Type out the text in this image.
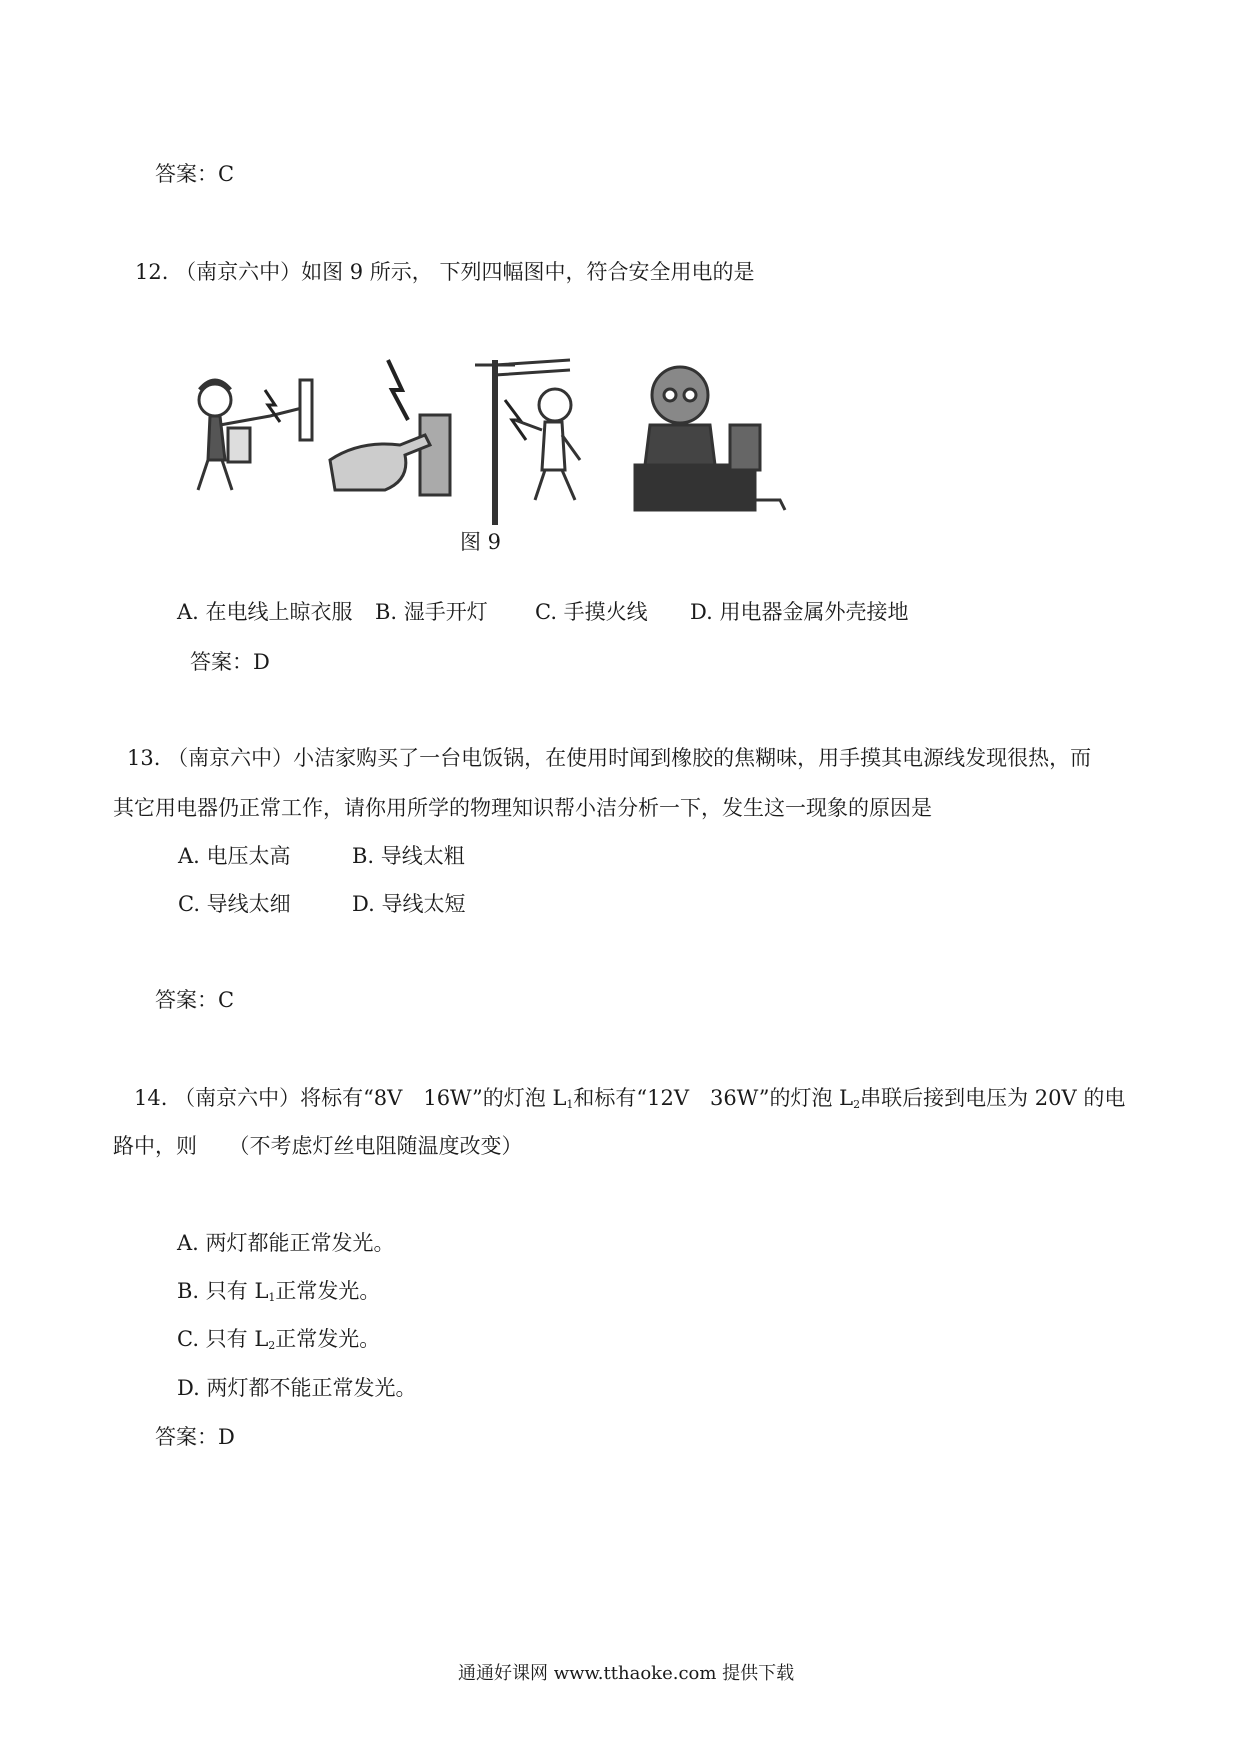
答案：C
12. （南京六中）如图 9 所示， 下列四幅图中，符合安全用电的是
图 9
A. 在电线上晾衣服 B. 湿手开灯 C. 手摸火线 D. 用电器金属外壳接地
答案：D
13. （南京六中）小洁家购买了一台电饭锅，在使用时闻到橡胶的焦糊味，用手摸其电源线发现很热，而
其它用电器仍正常工作，请你用所学的物理知识帮小洁分析一下，发生这一现象的原因是
A. 电压太高	B. 导线太粗
C. 导线太细	D. 导线太短
答案：C
14. （南京六中）将标有“8V　16W”的灯泡 $L_1$和标有“12V　36W”的灯泡 $L_2$串联后接到电压为 20V 的电
路中，则　　（不考虑灯丝电阻随温度改变）
A. 两灯都能正常发光。
B. 只有 $L_1$正常发光。
C. 只有 $L_2$正常发光。
D. 两灯都不能正常发光。
答案：D
通通好课网 www.tthaoke.com 提供下载
